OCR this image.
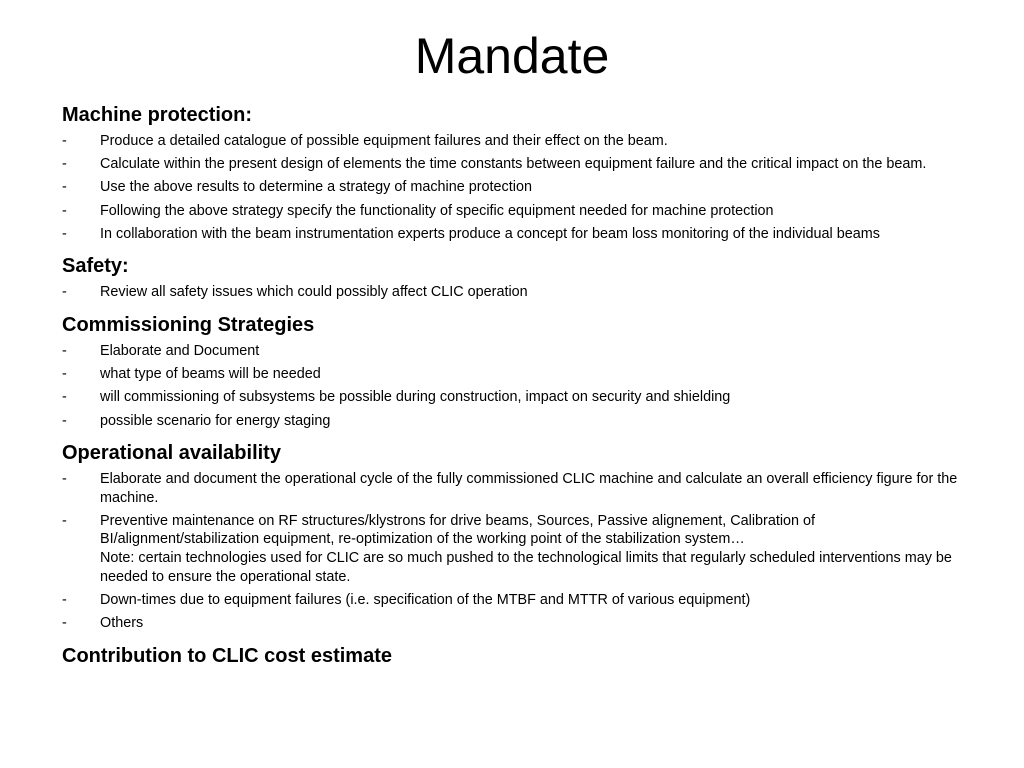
Mandate
Machine protection:
- Produce a detailed catalogue of possible equipment failures and their effect on the beam.
- Calculate within the present design of elements the time constants between equipment failure and the critical impact on the beam.
- Use the above results to determine a strategy of machine protection
- Following the above strategy specify the functionality of specific equipment needed for machine protection
- In collaboration with the beam instrumentation experts produce a concept for beam loss monitoring of the individual beams
Safety:
- Review all safety issues which could possibly affect CLIC operation
Commissioning Strategies
- Elaborate and Document
- what type of beams will be needed
- will commissioning of subsystems be possible during construction, impact on security and shielding
- possible scenario for energy staging
Operational availability
- Elaborate and document the operational cycle of the fully commissioned CLIC machine and calculate an overall efficiency figure for the machine.
- Preventive maintenance on RF structures/klystrons for drive beams, Sources, Passive alignement, Calibration of BI/alignment/stabilization equipment, re-optimization of the working point of the stabilization system…
Note: certain technologies used for CLIC are so much pushed to the technological limits that regularly scheduled interventions may be needed to ensure the operational state.
- Down-times due to equipment failures (i.e. specification of the MTBF and MTTR of various equipment)
- Others
Contribution to CLIC cost estimate
